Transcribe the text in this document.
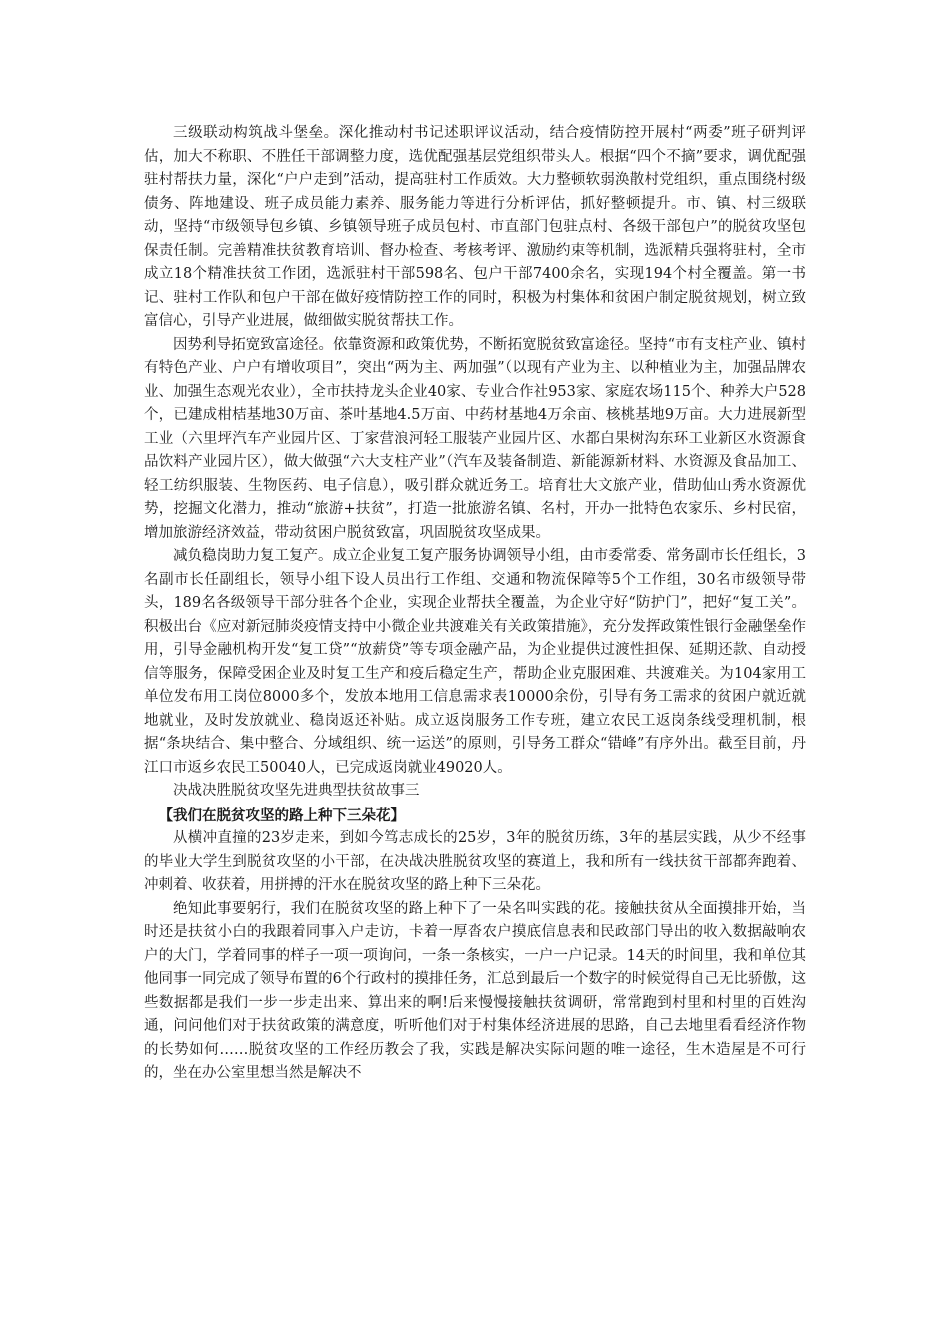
三级联动构筑战斗堡垒。深化推动村书记述职评议活动，结合疫情防控开展村“两委”班子研判评估，加大不称职、不胜任干部调整力度，选优配强基层党组织带头人。根据“四个不摘”要求，调优配强驻村帮扶力量，深化“户户走到”活动，提高驻村工作质效。大力整顿软弱涣散村党组织，重点围绕村级债务、阵地建设、班子成员能力素养、服务能力等进行分析评估，抓好整顿提升。市、镇、村三级联动，坚持“市级领导包乡镇、乡镇领导班子成员包村、市直部门包驻点村、各级干部包户”的脱贫攻坚包保责任制。完善精准扶贫教育培训、督办检查、考核考评、激励约束等机制，选派精兵强将驻村，全市成立18个精准扶贫工作团，选派驻村干部598名、包户干部7400余名，实现194个村全覆盖。第一书记、驻村工作队和包户干部在做好疫情防控工作的同时，积极为村集体和贫困户制定脱贫规划，树立致富信心，引导产业进展，做细做实脱贫帮扶工作。

因势利导拓宽致富途径。依靠资源和政策优势，不断拓宽脱贫致富途径。坚持“市有支柱产业、镇村有特色产业、户户有增收项目”，突出“两为主、两加强”（以现有产业为主、以种植业为主，加强品牌农业、加强生态观光农业），全市扶持龙头企业40家、专业合作社953家、家庭农场115个、种养大户528个，已建成柑桔基地30万亩、茶叶基地4.5万亩、中药材基地4万余亩、核桃基地9万亩。大力进展新型工业（六里坪汽车产业园片区、丁家营浪河轻工服装产业园片区、水都白果树沟东环工业新区水资源食品饮料产业园片区），做大做强“六大支柱产业”（汽车及装备制造、新能源新材料、水资源及食品加工、轻工纺织服装、生物医药、电子信息），吸引群众就近务工。培育壮大文旅产业，借助仙山秀水资源优势，挖掘文化潜力，推动“旅游+扶贫”，打造一批旅游名镇、名村，开办一批特色农家乐、乡村民宿，增加旅游经济效益，带动贫困户脱贫致富，巩固脱贫攻坚成果。

减负稳岗助力复工复产。成立企业复工复产服务协调领导小组，由市委常委、常务副市长任组长，3名副市长任副组长，领导小组下设人员出行工作组、交通和物流保障等5个工作组，30名市级领导带头，189名各级领导干部分驻各个企业，实现企业帮扶全覆盖，为企业守好“防护门”，把好“复工关”。积极出台《应对新冠肺炎疫情支持中小微企业共渡难关有关政策措施》，充分发挥政策性银行金融堡垒作用，引导金融机构开发“复工贷”“放薪贷”等专项金融产品，为企业提供过渡性担保、延期还款、自动授信等服务，保障受困企业及时复工生产和疫后稳定生产，帮助企业克服困难、共渡难关。为104家用工单位发布用工岗位8000多个，发放本地用工信息需求表10000余份，引导有务工需求的贫困户就近就地就业，及时发放就业、稳岗返还补贴。成立返岗服务工作专班，建立农民工返岗条线受理机制，根据“条块结合、集中整合、分域组织、统一运送”的原则，引导务工群众“错峰”有序外出。截至目前，丹江口市返乡农民工50040人，已完成返岗就业49020人。

决战决胜脱贫攻坚先进典型扶贫故事三

【我们在脱贫攻坚的路上种下三朵花】

从横冲直撞的23岁走来，到如今笃志成长的25岁，3年的脱贫历练，3年的基层实践，从少不经事的毕业大学生到脱贫攻坚的小干部，在决战决胜脱贫攻坚的赛道上，我和所有一线扶贫干部都奔跑着、冲刺着、收获着，用拼搏的汗水在脱贫攻坚的路上种下三朵花。

绝知此事要躬行，我们在脱贫攻坚的路上种下了一朵名叫实践的花。接触扶贫从全面摸排开始，当时还是扶贫小白的我跟着同事入户走访，卡着一厚沓农户摸底信息表和民政部门导出的收入数据敲响农户的大门，学着同事的样子一项一项询问，一条一条核实，一户一户记录。14天的时间里，我和单位其他同事一同完成了领导布置的6个行政村的摸排任务，汇总到最后一个数字的时候觉得自己无比骄傲，这些数据都是我们一步一步走出来、算出来的啊!后来慢慢接触扶贫调研，常常跑到村里和村里的百姓沟通，问问他们对于扶贫政策的满意度，听听他们对于村集体经济进展的思路，自己去地里看看经济作物的长势如何……脱贫攻坚的工作经历教会了我，实践是解决实际问题的唯一途径，生木造屋是不可行的，坐在办公室里想当然是解决不
